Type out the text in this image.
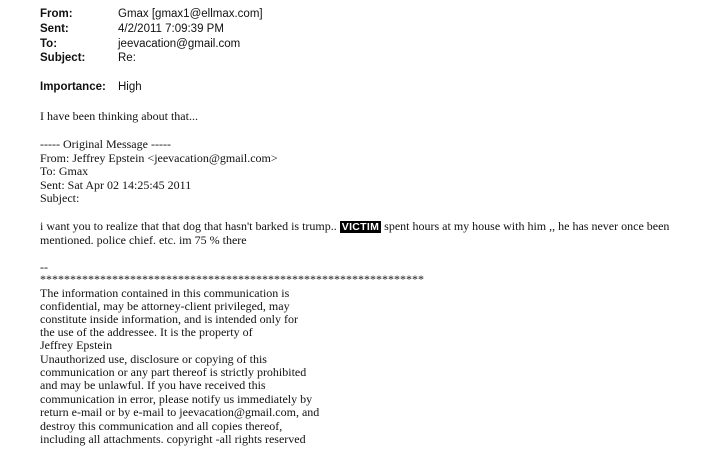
From:	Gmax [gmax1@ellmax.com]
Sent:	4/2/2011 7:09:39 PM
To:	jeevacation@gmail.com
Subject:	Re:
Importance: High
I have been thinking about that...
----- Original Message -----
From: Jeffrey Epstein <jeevacation@gmail.com>
To: Gmax
Sent: Sat Apr 02 14:25:45 2011
Subject:
i want you to realize that that dog that hasn't barked is trump.. VICTIM spent hours at my house with him ,, he has never once been
mentioned. police chief. etc. im 75 % there
--
****************************************************************
The information contained in this communication is
confidential, may be attorney-client privileged, may
constitute inside information, and is intended only for
the use of the addressee. It is the property of
Jeffrey Epstein
Unauthorized use, disclosure or copying of this
communication or any part thereof is strictly prohibited
and may be unlawful. If you have received this
communication in error, please notify us immediately by
return e-mail or by e-mail to jeevacation@gmail.com, and
destroy this communication and all copies thereof,
including all attachments. copyright -all rights reserved
